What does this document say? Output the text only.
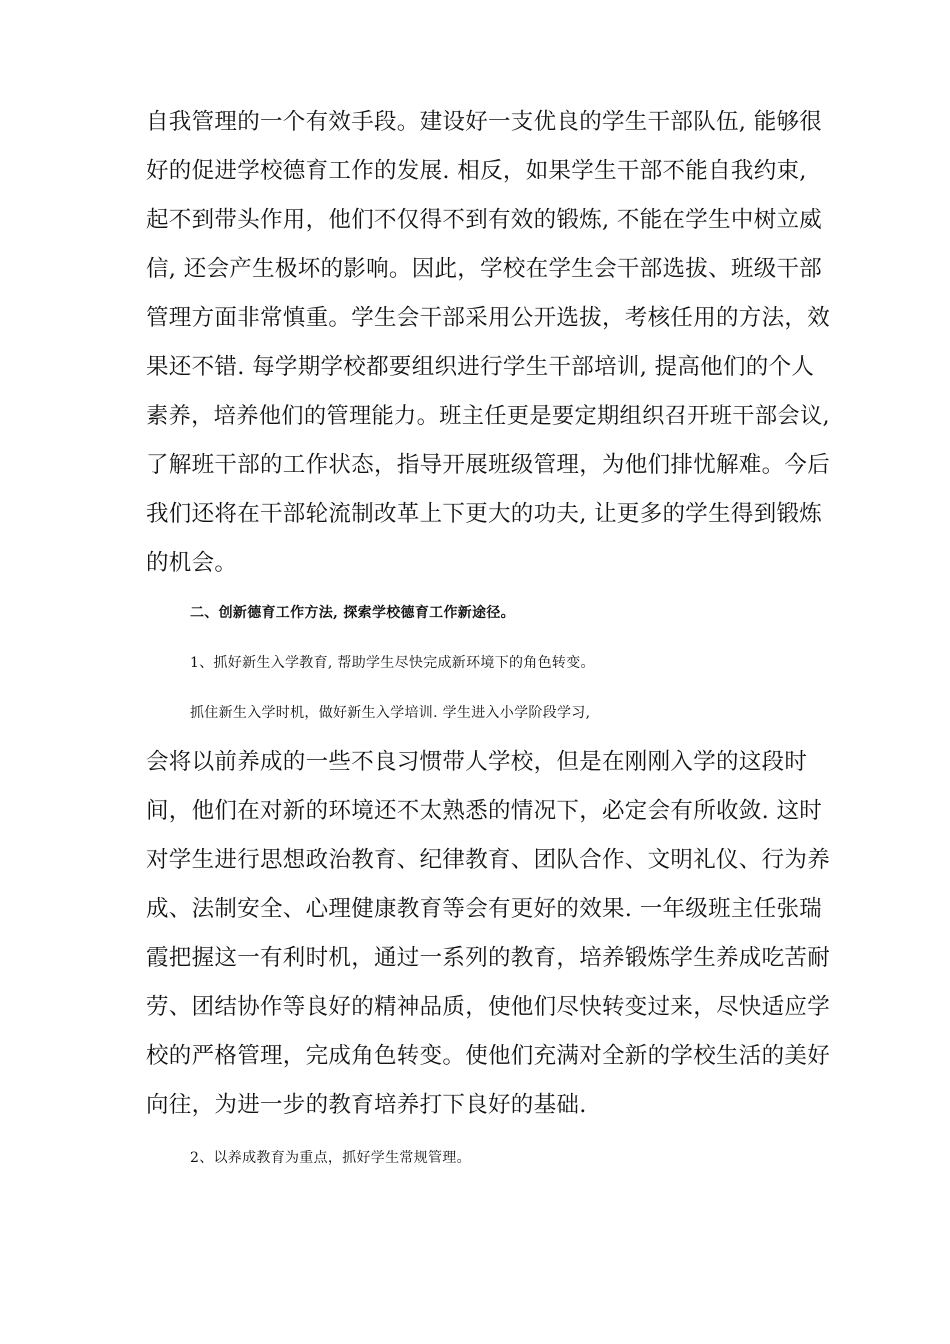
自我管理的一个有效手段。建设好一支优良的学生干部队伍, 能够很
好的促进学校德育工作的发展. 相反，如果学生干部不能自我约束,
起不到带头作用，他们不仅得不到有效的锻炼, 不能在学生中树立威
信, 还会产生极坏的影响。因此，学校在学生会干部选拔、班级干部
管理方面非常慎重。学生会干部采用公开选拔，考核任用的方法，效
果还不错. 每学期学校都要组织进行学生干部培训, 提高他们的个人
素养，培养他们的管理能力。班主任更是要定期组织召开班干部会议,
了解班干部的工作状态，指导开展班级管理，为他们排忧解难。今后
我们还将在干部轮流制改革上下更大的功夫, 让更多的学生得到锻炼
的机会。
二、创新德育工作方法, 探索学校德育工作新途径。
1、抓好新生入学教育, 帮助学生尽快完成新环境下的角色转变。
抓住新生入学时机，做好新生入学培训. 学生进入小学阶段学习,
会将以前养成的一些不良习惯带人学校，但是在刚刚入学的这段时
间，他们在对新的环境还不太熟悉的情况下，必定会有所收敛. 这时
对学生进行思想政治教育、纪律教育、团队合作、文明礼仪、行为养
成、法制安全、心理健康教育等会有更好的效果. 一年级班主任张瑞
霞把握这一有利时机，通过一系列的教育，培养锻炼学生养成吃苦耐
劳、团结协作等良好的精神品质，使他们尽快转变过来，尽快适应学
校的严格管理，完成角色转变。使他们充满对全新的学校生活的美好
向往，为进一步的教育培养打下良好的基础.
2、以养成教育为重点，抓好学生常规管理。
